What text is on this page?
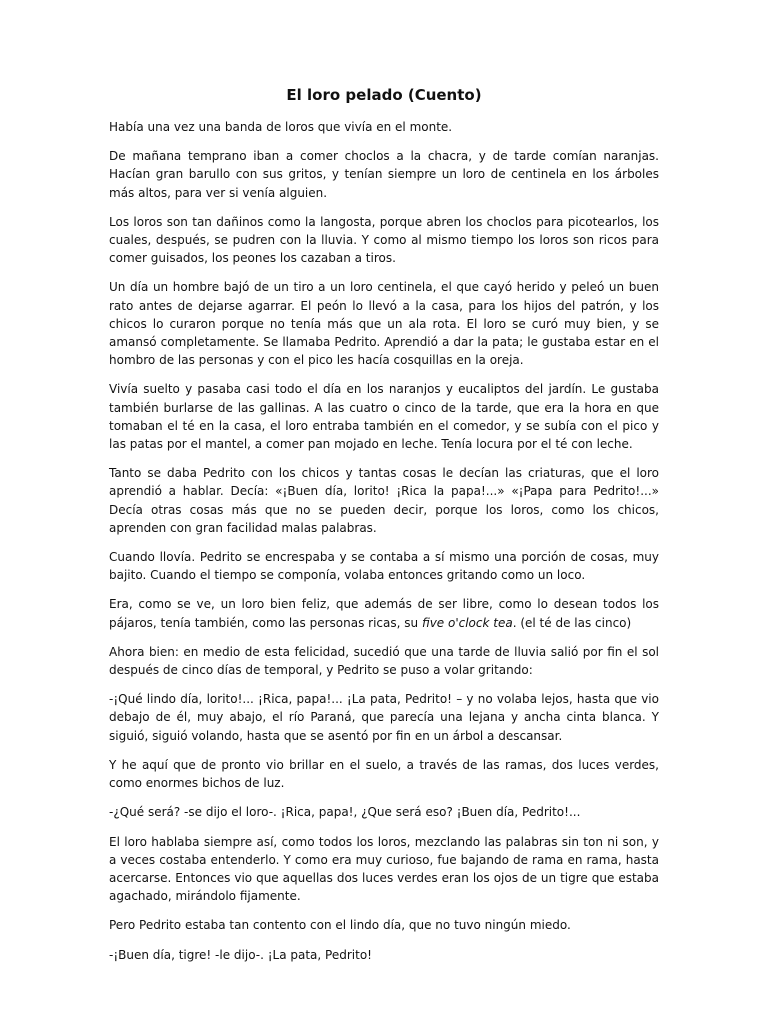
El loro pelado (Cuento)

Había una vez una banda de loros que vivía en el monte.

De mañana temprano iban a comer choclos a la chacra, y de tarde comían naranjas. Hacían gran barullo con sus gritos, y tenían siempre un loro de centinela en los árboles más altos, para ver si venía alguien.

Los loros son tan dañinos como la langosta, porque abren los choclos para picotearlos, los cuales, después, se pudren con la lluvia. Y como al mismo tiempo los loros son ricos para comer guisados, los peones los cazaban a tiros.

Un día un hombre bajó de un tiro a un loro centinela, el que cayó herido y peleó un buen rato antes de dejarse agarrar. El peón lo llevó a la casa, para los hijos del patrón, y los chicos lo curaron porque no tenía más que un ala rota. El loro se curó muy bien, y se amansó completamente. Se llamaba Pedrito. Aprendió a dar la pata; le gustaba estar en el hombro de las personas y con el pico les hacía cosquillas en la oreja.

Vivía suelto y pasaba casi todo el día en los naranjos y eucaliptos del jardín. Le gustaba también burlarse de las gallinas. A las cuatro o cinco de la tarde, que era la hora en que tomaban el té en la casa, el loro entraba también en el comedor, y se subía con el pico y las patas por el mantel, a comer pan mojado en leche. Tenía locura por el té con leche.

Tanto se daba Pedrito con los chicos y tantas cosas le decían las criaturas, que el loro aprendió a hablar. Decía: «¡Buen día, lorito! ¡Rica la papa!...» «¡Papa para Pedrito!...» Decía otras cosas más que no se pueden decir, porque los loros, como los chicos, aprenden con gran facilidad malas palabras.

Cuando llovía. Pedrito se encrespaba y se contaba a sí mismo una porción de cosas, muy bajito. Cuando el tiempo se componía, volaba entonces gritando como un loco.

Era, como se ve, un loro bien feliz, que además de ser libre, como lo desean todos los pájaros, tenía también, como las personas ricas, su five o'clock tea. (el té de las cinco)

Ahora bien: en medio de esta felicidad, sucedió que una tarde de lluvia salió por fin el sol después de cinco días de temporal, y Pedrito se puso a volar gritando:

-¡Qué lindo día, lorito!... ¡Rica, papa!... ¡La pata, Pedrito! – y no volaba lejos, hasta que vio debajo de él, muy abajo, el río Paraná, que parecía una lejana y ancha cinta blanca. Y siguió, siguió volando, hasta que se asentó por fin en un árbol a descansar.

Y he aquí que de pronto vio brillar en el suelo, a través de las ramas, dos luces verdes, como enormes bichos de luz.

-¿Qué será? -se dijo el loro-. ¡Rica, papa!, ¿Que será eso? ¡Buen día, Pedrito!...

El loro hablaba siempre así, como todos los loros, mezclando las palabras sin ton ni son, y a veces costaba entenderlo. Y como era muy curioso, fue bajando de rama en rama, hasta acercarse. Entonces vio que aquellas dos luces verdes eran los ojos de un tigre que estaba agachado, mirándolo fijamente.

Pero Pedrito estaba tan contento con el lindo día, que no tuvo ningún miedo.

-¡Buen día, tigre! -le dijo-. ¡La pata, Pedrito!
